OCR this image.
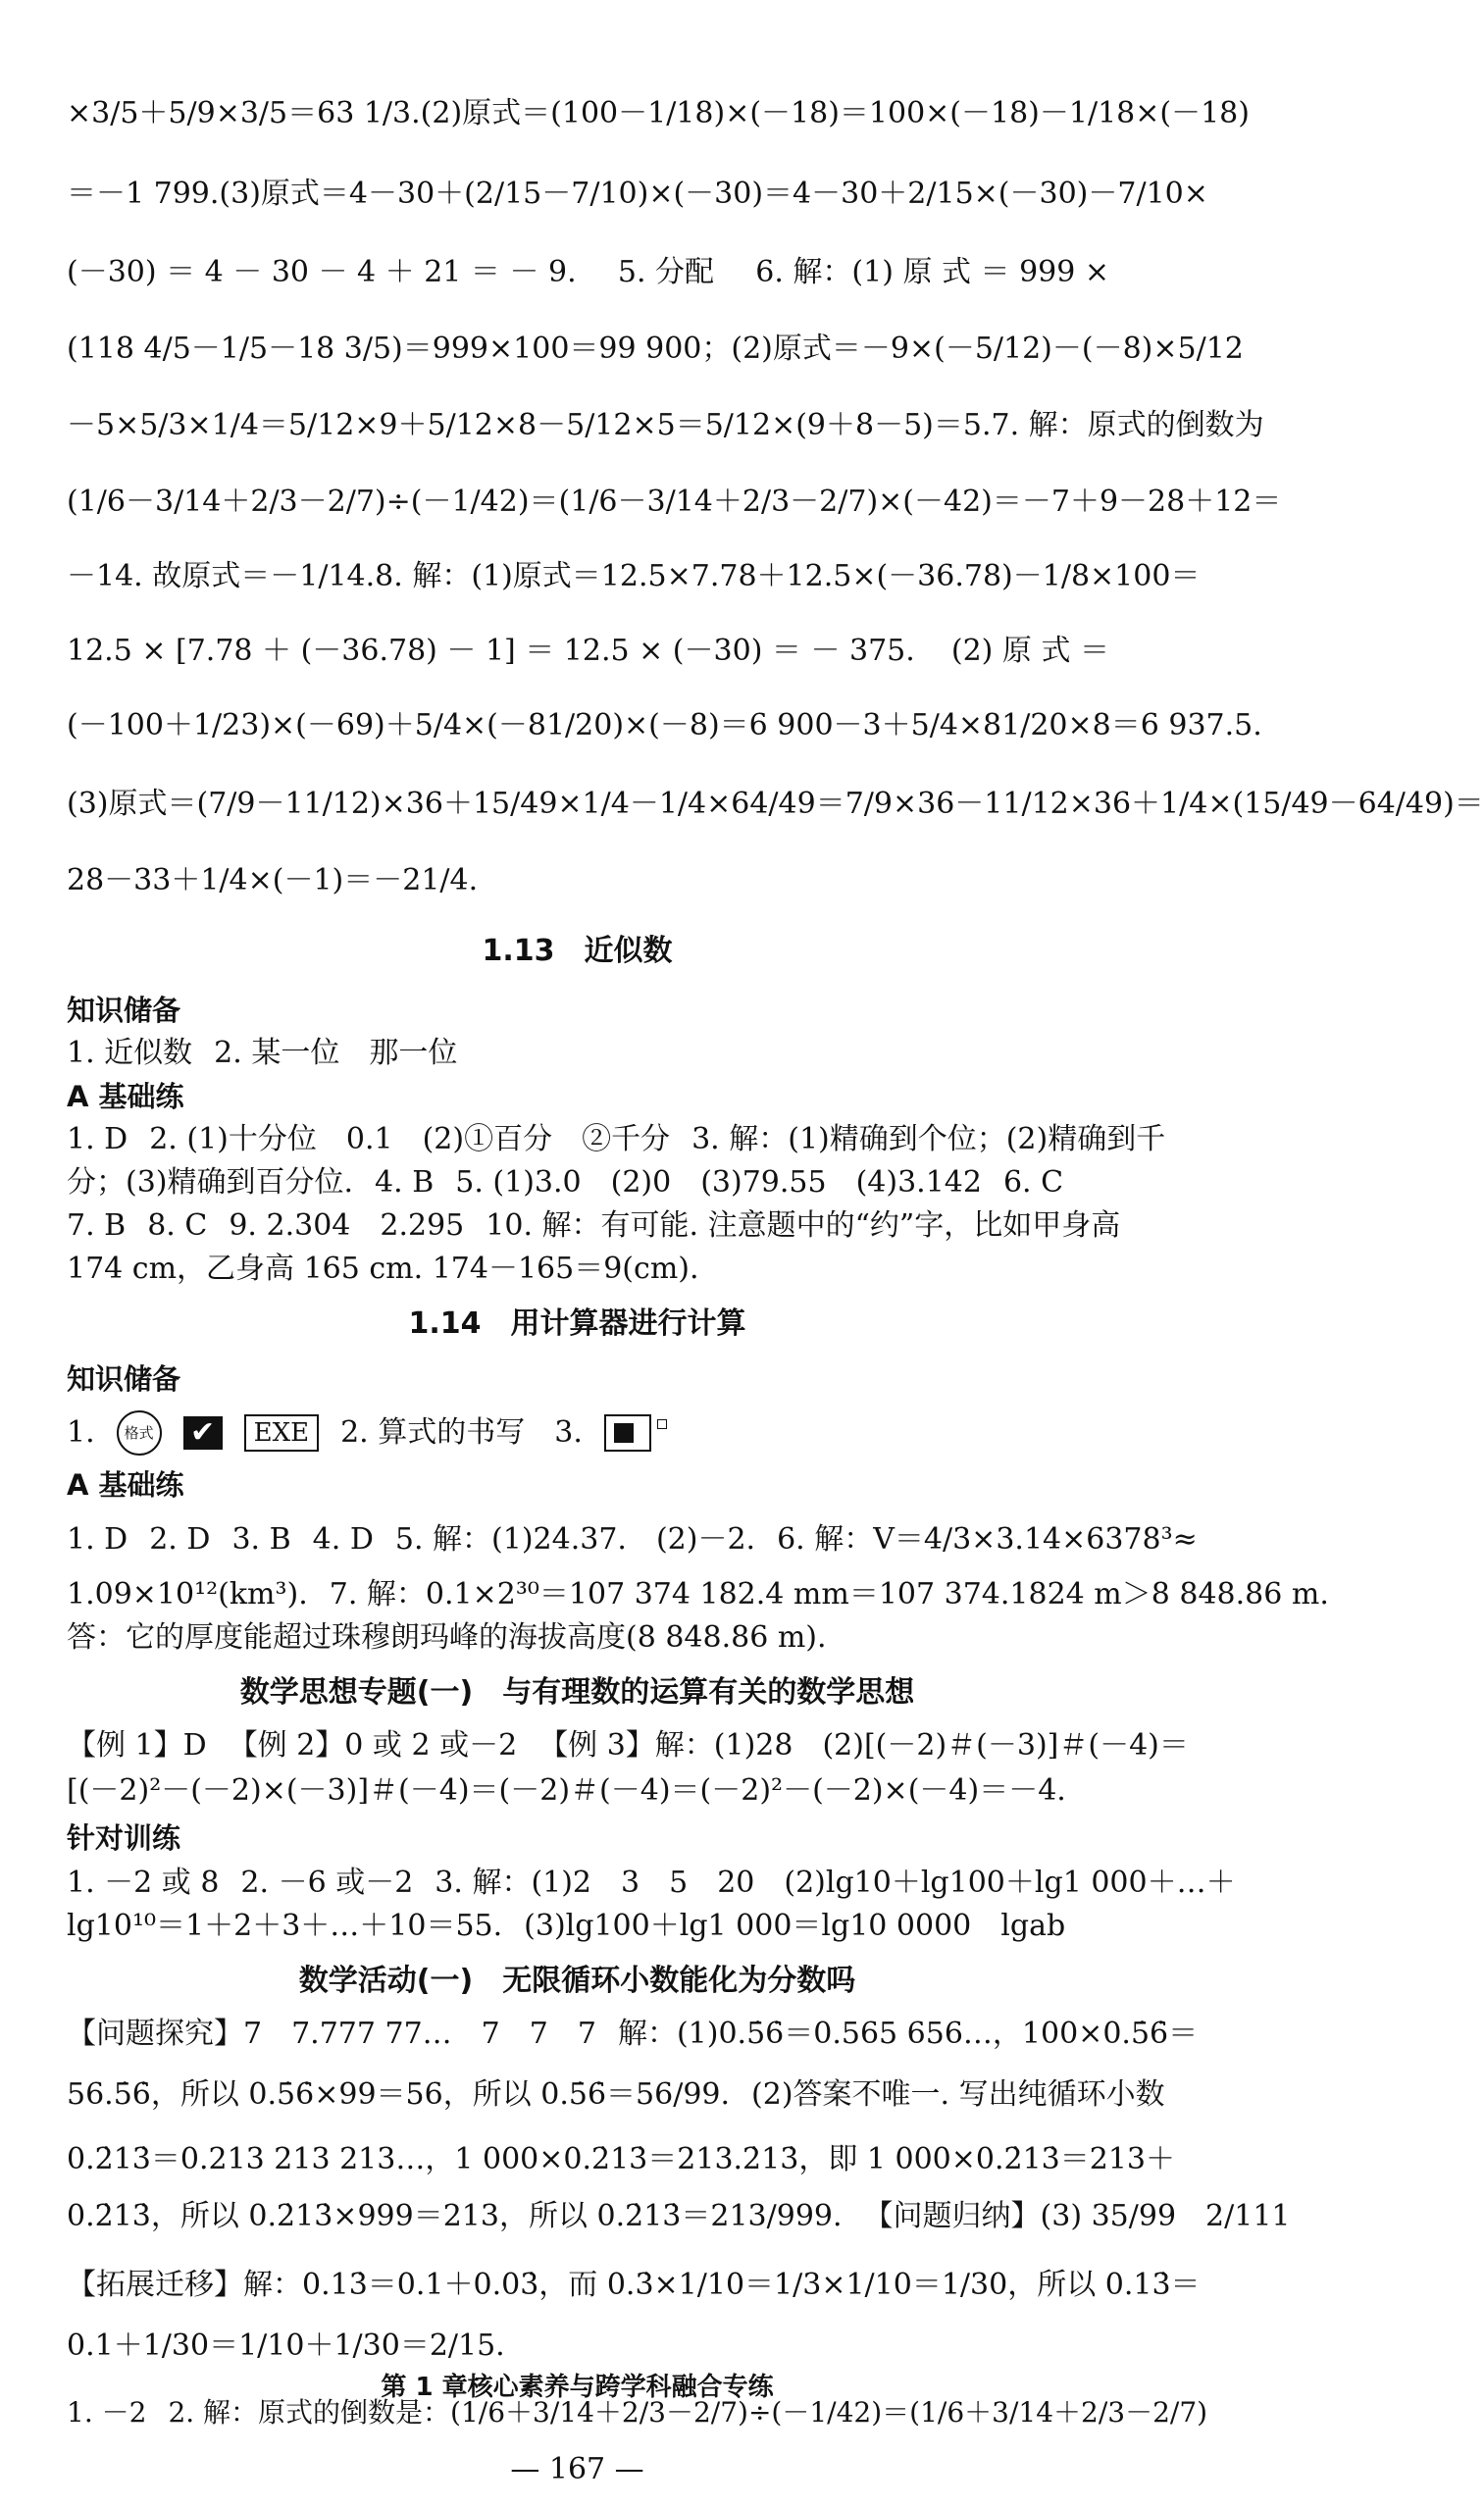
×3/5＋5/9×3/5＝63 1/3. (2)原式＝(100－1/18)×(－18)＝100×(－18)－1/18×(－18)
＝－1 799. (3)原式＝4－30＋(2/15－7/10)×(－30)＝4－30＋2/15×(－30)－7/10×
(－30) ＝ 4 － 30 － 4 ＋ 21 ＝ － 9. 5. 分配 6. 解：(1) 原 式 ＝ 999 ×
(118 4/5－1/5－18 3/5)＝999×100＝99 900； (2)原式＝－9×(－5/12)－(－8)×5/12
－5×5/3×1/4＝5/12×9＋5/12×8－5/12×5＝5/12×(9＋8－5)＝5. 7. 解：原式的倒数为
(1/6－3/14＋2/3－2/7)÷(－1/42)＝(1/6－3/14＋2/3－2/7)×(－42)＝－7＋9－28＋12＝
－14. 故原式＝－1/14. 8. 解：(1)原式＝12.5×7.78＋12.5×(－36.78)－1/8×100＝
12.5 × [7.78 ＋ (－36.78) － 1] ＝ 12.5 × (－30) ＝ － 375. (2) 原 式 ＝
(－100＋1/23)×(－69)＋5/4×(－81/20)×(－8)＝6 900－3＋5/4×81/20×8＝6 937.5.
(3)原式＝(7/9－11/12)×36＋15/49×1/4－1/4×64/49＝7/9×36－11/12×36＋1/4×(15/49－64/49)＝
28－33＋1/4×(－1)＝－21/4.
1.13　近似数
知识储备
1. 近似数 2. 某一位　那一位
A 基础练
1. D 2. (1)十分位　0.1　(2)①百分　②千分 3. 解：(1)精确到个位；(2)精确到千
分；(3)精确到百分位. 4. B 5. (1)3.0　(2)0　(3)79.55　(4)3.142 6. C
7. B 8. C 9. 2.304　2.295 10. 解：有可能. 注意题中的“约”字，比如甲身高
174 cm，乙身高 165 cm. 174－165＝9(cm).
1.14　用计算器进行计算
知识储备
1.	格式 ✔	EXE	2. 算式的书写　3.
A 基础练
1. D 2. D 3. B 4. D 5. 解：(1)24.37.　(2)－2. 6. 解：V＝4/3×3.14×6378³≈
1.09×10¹²(km³). 7. 解：0.1×2³⁰＝107 374 182.4 mm＝107 374.1824 m＞8 848.86 m.
答：它的厚度能超过珠穆朗玛峰的海拔高度(8 848.86 m).
数学思想专题(一)　与有理数的运算有关的数学思想
【例 1】D 【例 2】0 或 2 或－2 【例 3】解：(1)28　(2)[(－2)＃(－3)]＃(－4)＝
[(－2)²－(－2)×(－3)]＃(－4)＝(－2)＃(－4)＝(－2)²－(－2)×(－4)＝－4.
针对训练
1. －2 或 8 2. －6 或－2 3. 解：(1)2　3　5　20　(2)lg10＋lg100＋lg1 000＋…＋
lg10¹⁰＝1＋2＋3＋…＋10＝55. (3)lg100＋lg1 000＝lg10 0000　lgab
数学活动(一)　无限循环小数能化为分数吗
【问题探究】7　7.777 77…　7　7　7 解：(1)0.5̇6̇＝0.565 656…，100×0.5̇6̇＝
56.5̇6̇，所以 0.5̇6̇×99＝56，所以 0.5̇6̇＝56/99. (2)答案不唯一. 写出纯循环小数
0.2̇13̇＝0.213 213 213…，1 000×0.2̇13̇＝213.2̇13̇，即 1 000×0.2̇13̇＝213＋
0.2̇13̇，所以 0.2̇13̇×999＝213，所以 0.2̇13̇＝213/999. 【问题归纳】(3) 35/99　2/111
【拓展迁移】解：0.13̇＝0.1＋0.03̇，而 0.3̇×1/10＝1/3×1/10＝1/30，所以 0.13̇＝
0.1＋1/30＝1/10＋1/30＝2/15.
第 1 章核心素养与跨学科融合专练
1. －2 2. 解：原式的倒数是：(1/6＋3/14＋2/3－2/7)÷(－1/42)＝(1/6＋3/14＋2/3－2/7)
— 167 —
